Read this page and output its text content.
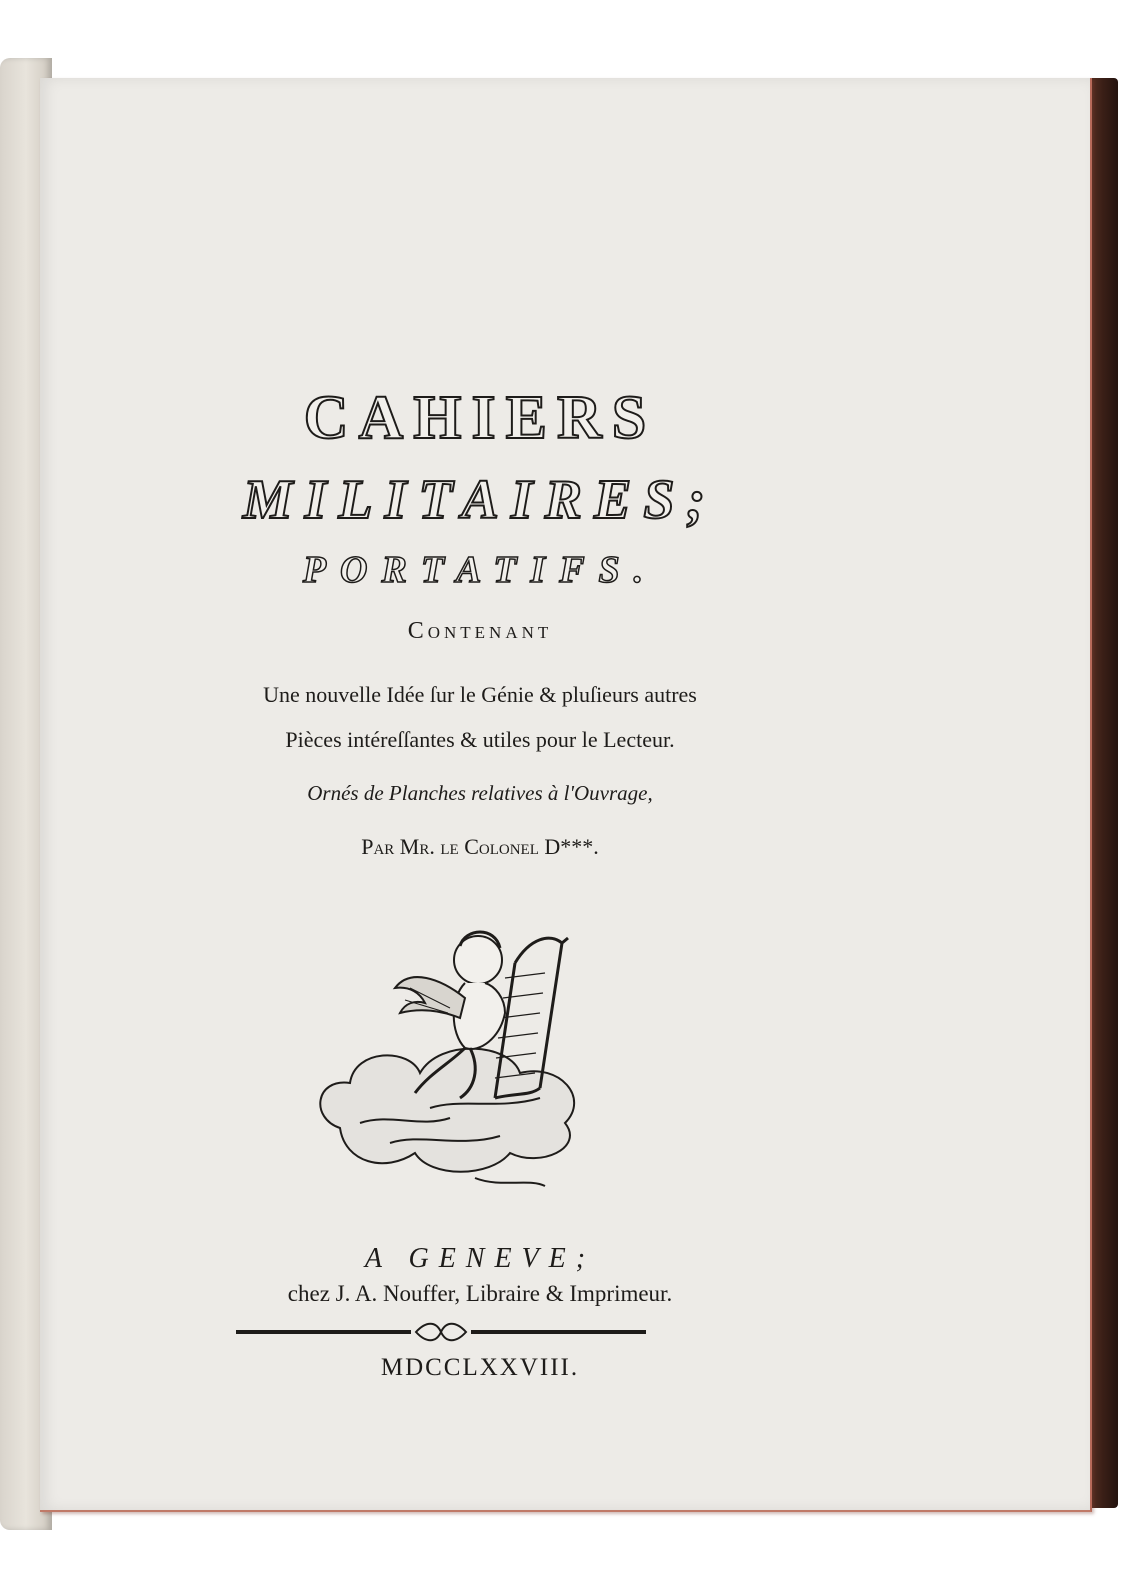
CAHIERS
MILITAIRES;
PORTATIFS.
Contenant
Une nouvelle Idée ſur le Génie & pluſieurs autres
Pièces intéreſſantes & utiles pour le Lecteur.
Ornés de Planches relatives à l'Ouvrage,
Par Mr. le Colonel D***.
A GENEVE;
chez J. A. Nouffer, Libraire & Imprimeur.
MDCCLXXVIII.
